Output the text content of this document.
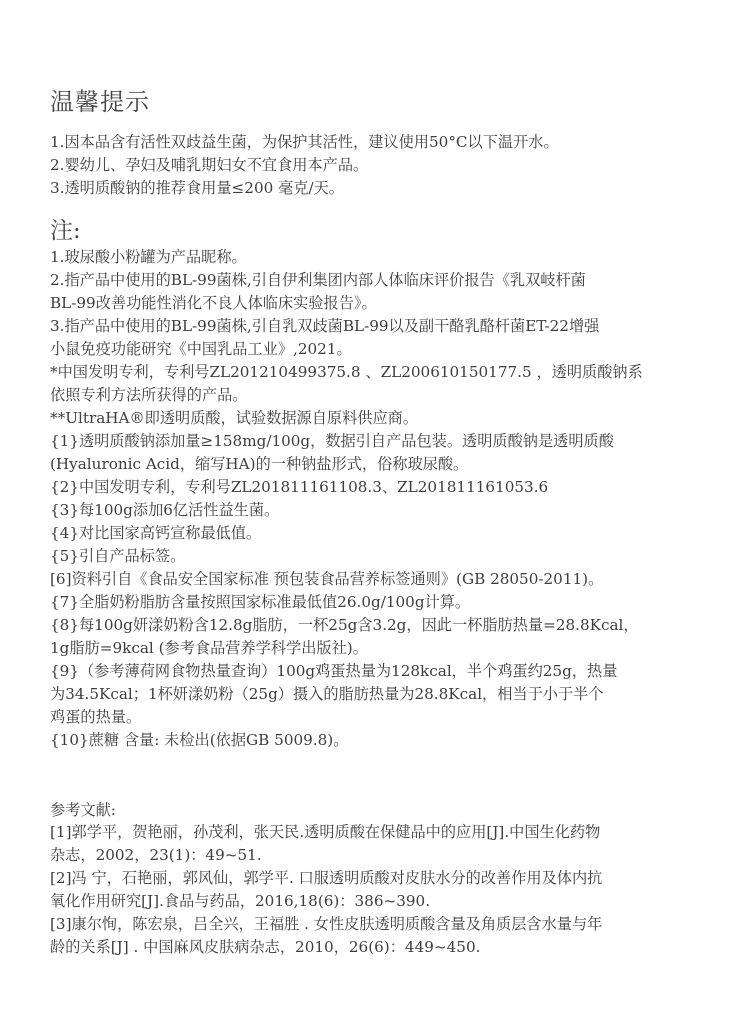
温馨提示
1.因本品含有活性双歧益生菌，为保护其活性，建议使用50°C以下温开水。
2.婴幼儿、孕妇及哺乳期妇女不宜食用本产品。
3.透明质酸钠的推荐食用量≤200 毫克/天。
注:
1.玻尿酸小粉罐为产品昵称。
2.指产品中使用的BL-99菌株,引自伊利集团内部人体临床评价报告《乳双岐杆菌
BL-99改善功能性消化不良人体临床实验报告》。
3.指产品中使用的BL-99菌株,引自乳双歧菌BL-99以及副干酪乳酪杆菌ET-22增强
小鼠免疫功能研究《中国乳品工业》,2021。
*中国发明专利，专利号ZL201210499375.8 、ZL200610150177.5 ，透明质酸钠系
依照专利方法所获得的产品。
**UltraHA®即透明质酸，试验数据源自原料供应商。
{1}透明质酸钠添加量≥158mg/100g，数据引自产品包装。透明质酸钠是透明质酸
(Hyaluronic Acid，缩写HA)的一种钠盐形式，俗称玻尿酸。
{2}中国发明专利，专利号ZL201811161108.3、ZL201811161053.6
{3}每100g添加6亿活性益生菌。
{4}对比国家高钙宣称最低值。
{5}引自产品标签。
[6]资料引自《食品安全国家标准 预包装食品营养标签通则》(GB 28050-2011)。
{7}全脂奶粉脂肪含量按照国家标准最低值26.0g/100g计算。
{8}每100g妍漾奶粉含12.8g脂肪，一杯25g含3.2g，因此一杯脂肪热量=28.8Kcal，
1g脂肪=9kcal (参考食品营养学科学出版社)。
{9}（参考薄荷网食物热量查询）100g鸡蛋热量为128kcal，半个鸡蛋约25g，热量
为34.5Kcal；1杯妍漾奶粉（25g）摄入的脂肪热量为28.8Kcal，相当于小于半个
鸡蛋的热量。
{10}蔗糖 含量: 未检出(依据GB 5009.8)。
参考文献:
[1]郭学平，贺艳丽，孙茂利，张天民.透明质酸在保健品中的应用[J].中国生化药物
杂志，2002，23(1)：49~51.
[2]冯 宁，石艳丽，郭风仙，郭学平. 口服透明质酸对皮肤水分的改善作用及体内抗
氧化作用研究[J].食品与药品，2016,18(6)：386~390.
[3]康尔恂，陈宏泉，吕全兴，王福胜 . 女性皮肤透明质酸含量及角质层含水量与年
龄的关系[J] . 中国麻风皮肤病杂志，2010，26(6)：449~450.
